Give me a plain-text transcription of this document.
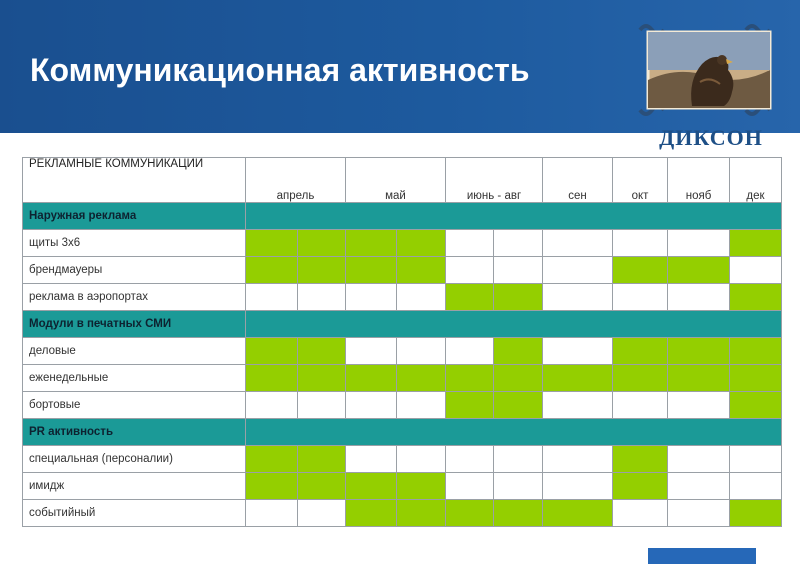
Коммуникационная активность
ДИКСОН
РЕКЛАМНЫЕ КОММУНИКАЦИИ	апрель		май		июнь - авг		сен	окт	нояб	дек
Наружная реклама										
щиты 3х6										
брендмауеры										
реклама в аэропортах										
Модули в печатных СМИ										
деловые										
еженедельные										
бортовые										
PR активность										
специальная (персоналии)										
имидж										
событийный										
